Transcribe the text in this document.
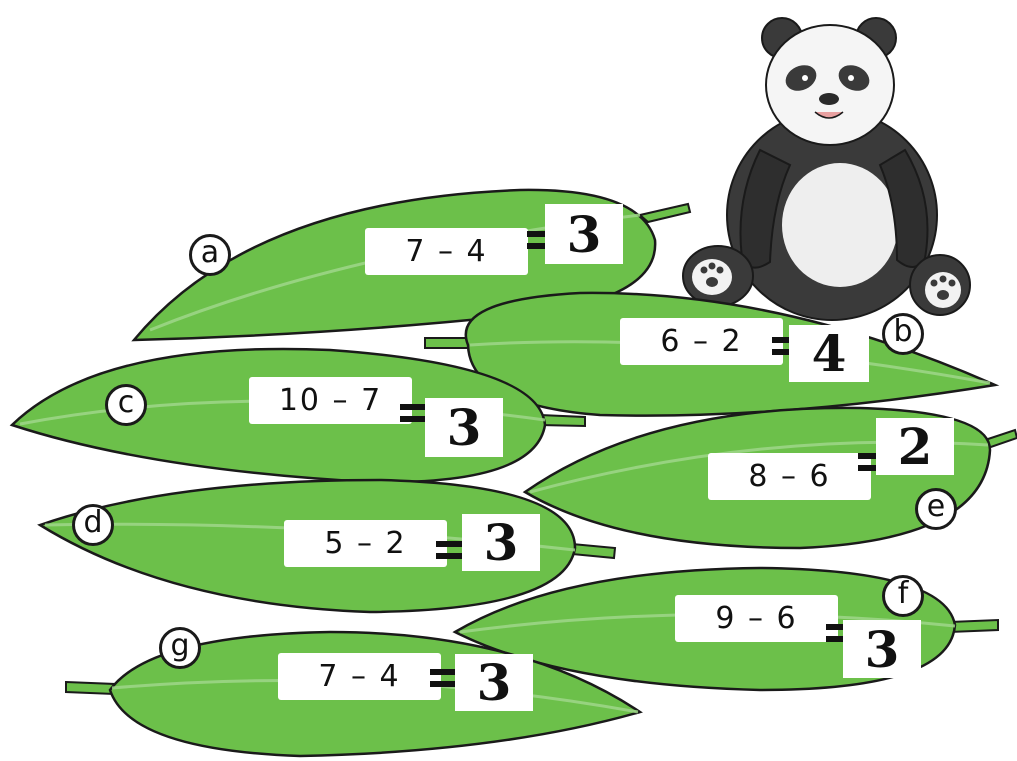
a	7 – 4	3
b
6 – 2	4
c	10 – 7	3
e
8 – 6
2
d
5 – 2	3
f
9 – 6
3
g
7 – 4	3
